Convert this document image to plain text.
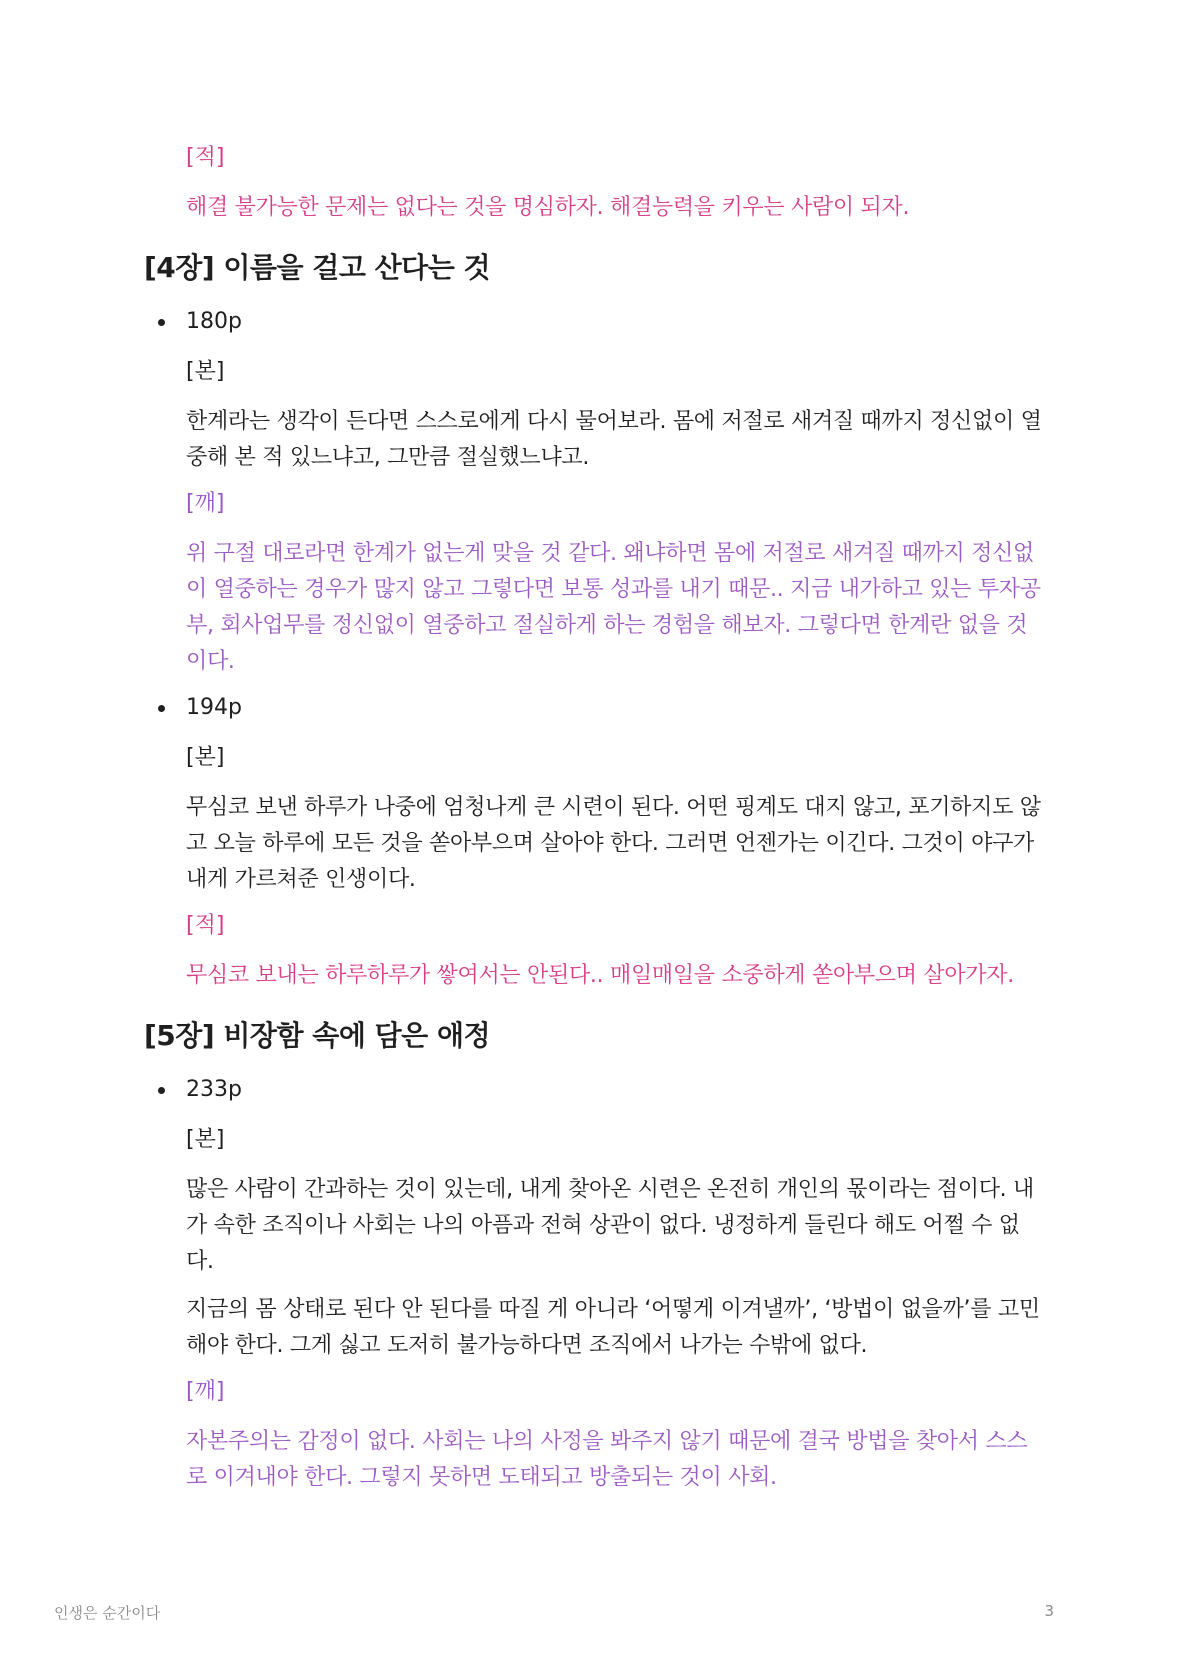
[적]

해결 불가능한 문제는 없다는 것을 명심하자. 해결능력을 키우는 사람이 되자.

[4장] 이름을 걸고 산다는 것
180p

[본]

한계라는 생각이 든다면 스스로에게 다시 물어보라. 몸에 저절로 새겨질 때까지 정신없이 열중해 본 적 있느냐고, 그만큼 절실했느냐고.

[깨]

위 구절 대로라면 한계가 없는게 맞을 것 같다. 왜냐하면 몸에 저절로 새겨질 때까지 정신없이 열중하는 경우가 많지 않고 그렇다면 보통 성과를 내기 때문.. 지금 내가하고 있는 투자공부, 회사업무를 정신없이 열중하고 절실하게 하는 경험을 해보자. 그렇다면 한계란 없을 것이다.

194p

[본]

무심코 보낸 하루가 나중에 엄청나게 큰 시련이 된다. 어떤 핑계도 대지 않고, 포기하지도 않고 오늘 하루에 모든 것을 쏟아부으며 살아야 한다. 그러면 언젠가는 이긴다. 그것이 야구가 내게 가르쳐준 인생이다.

[적]

무심코 보내는 하루하루가 쌓여서는 안된다.. 매일매일을 소중하게 쏟아부으며 살아가자.

[5장] 비장함 속에 담은 애정
233p

[본]

많은 사람이 간과하는 것이 있는데, 내게 찾아온 시련은 온전히 개인의 몫이라는 점이다. 내가 속한 조직이나 사회는 나의 아픔과 전혀 상관이 없다. 냉정하게 들린다 해도 어쩔 수 없다.

지금의 몸 상태로 된다 안 된다를 따질 게 아니라 ‘어떻게 이겨낼까’, ‘방법이 없을까’를 고민해야 한다. 그게 싫고 도저히 불가능하다면 조직에서 나가는 수밖에 없다.

[깨]

자본주의는 감정이 없다. 사회는 나의 사정을 봐주지 않기 때문에 결국 방법을 찾아서 스스로 이겨내야 한다. 그렇지 못하면 도태되고 방출되는 것이 사회.

인생은 순간이다	3
